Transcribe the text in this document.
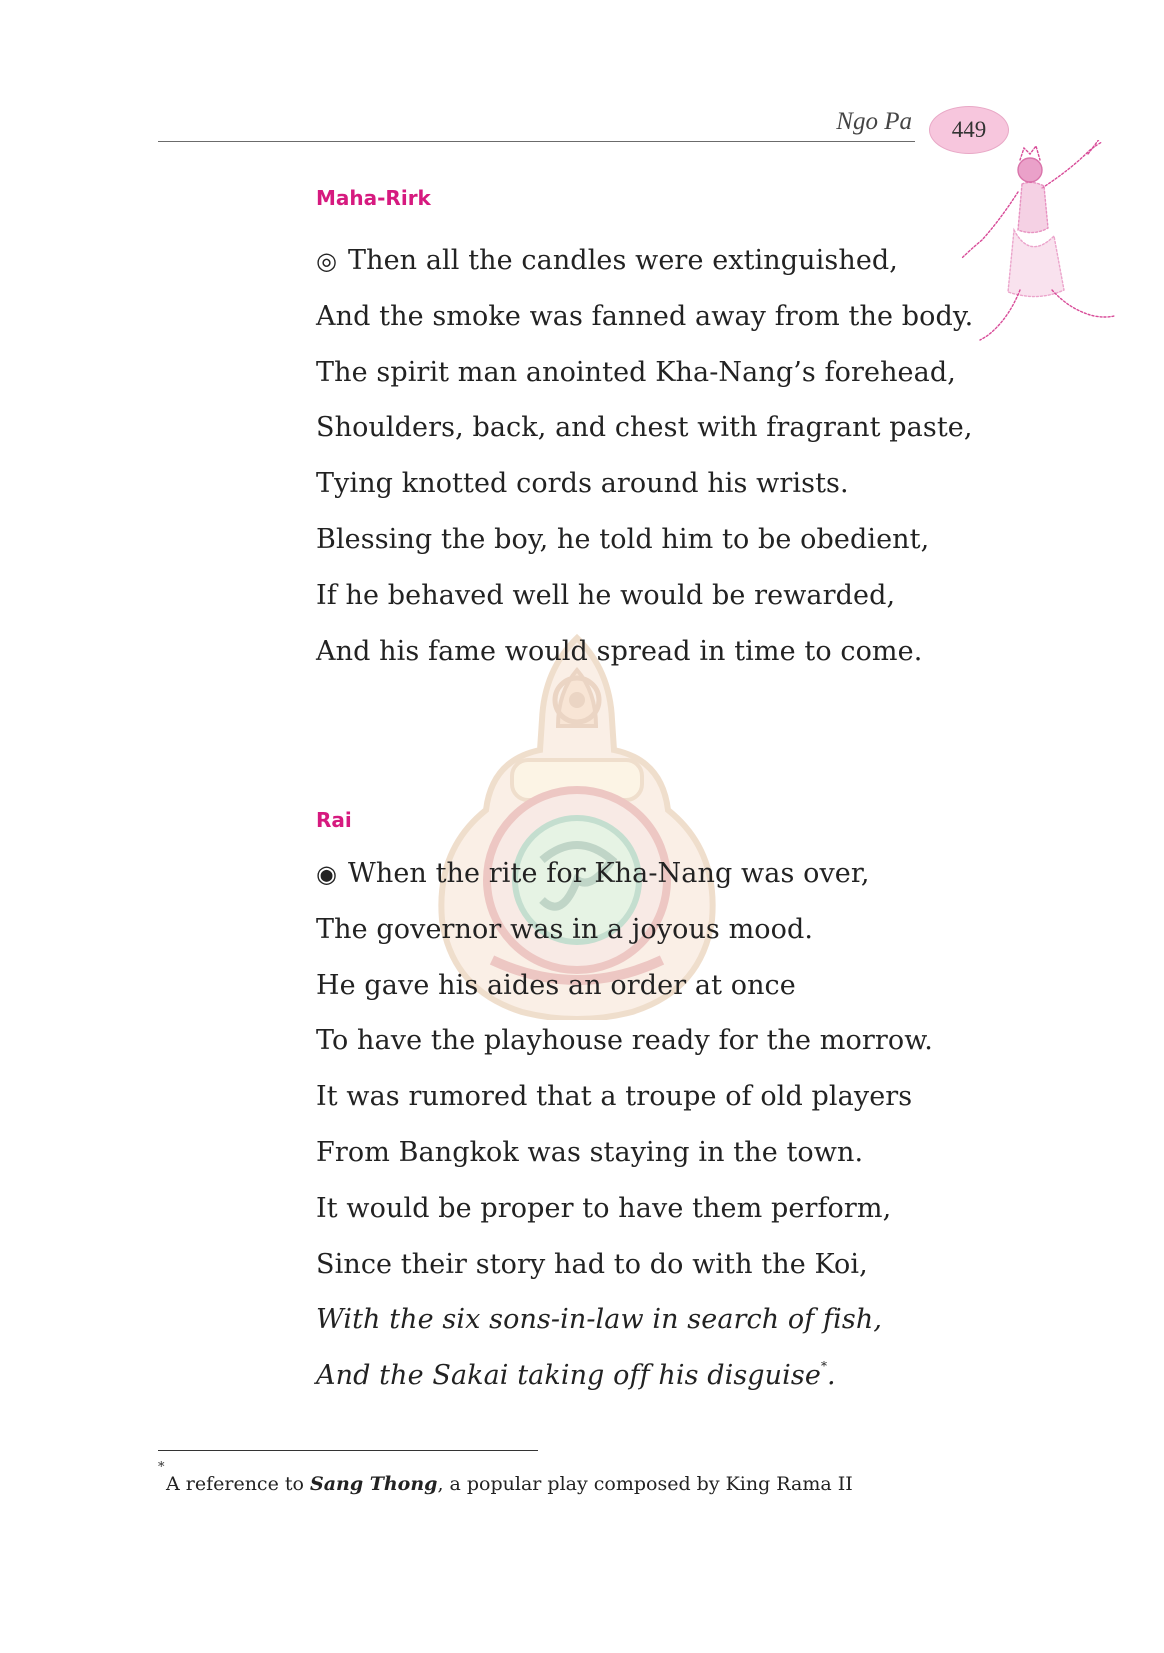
Ngo Pa 449
Maha-Rirk
◎ Then all the candles were extinguished,
And the smoke was fanned away from the body.
The spirit man anointed Kha-Nang’s forehead,
Shoulders, back, and chest with fragrant paste,
Tying knotted cords around his wrists.
Blessing the boy, he told him to be obedient,
If he behaved well he would be rewarded,
And his fame would spread in time to come.
Rai
◉ When the rite for Kha-Nang was over,
The governor was in a joyous mood.
He gave his aides an order at once
To have the playhouse ready for the morrow.
It was rumored that a troupe of old players
From Bangkok was staying in the town.
It would be proper to have them perform,
Since their story had to do with the Koi,
With the six sons-in-law in search of fish,
And the Sakai taking off his disguise*.
*
A reference to Sang Thong, a popular play composed by King Rama II
